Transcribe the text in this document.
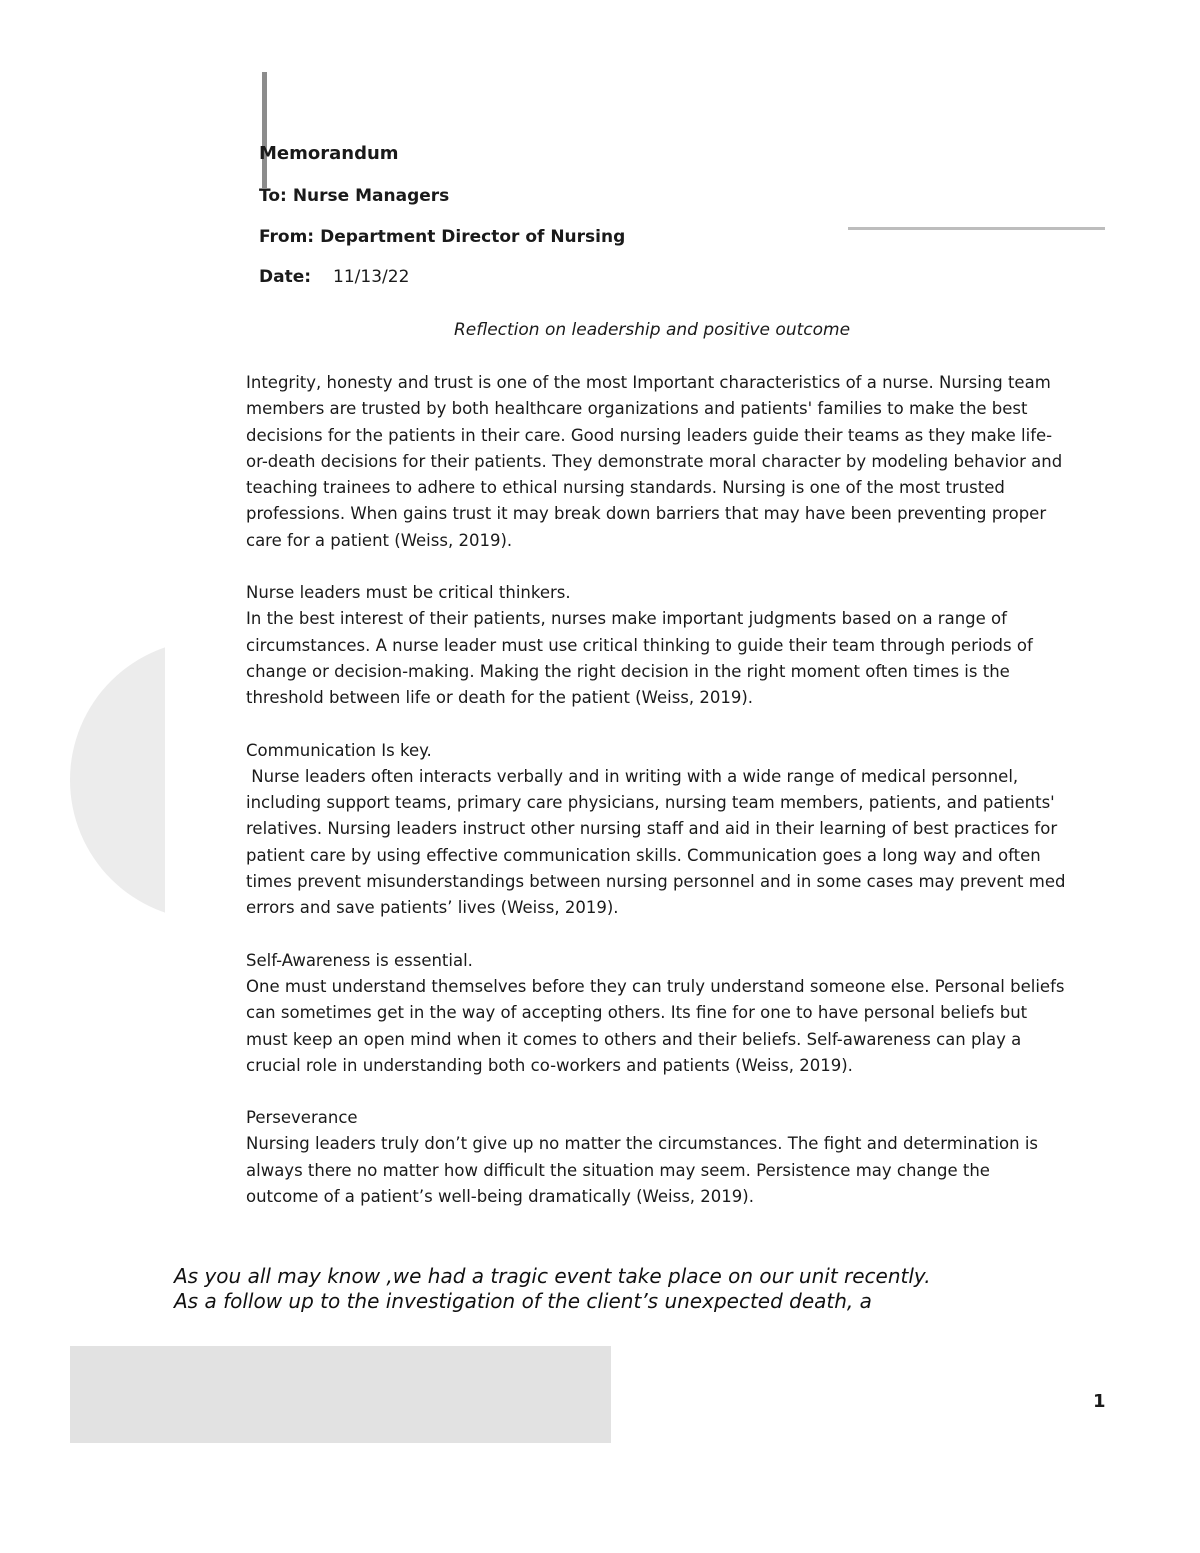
Memorandum
To: Nurse Managers
From: Department Director of Nursing
Date: 11/13/22
Reflection on leadership and positive outcome

Integrity, honesty and trust is one of the most Important characteristics of a nurse. Nursing team members are trusted by both healthcare organizations and patients' families to make the best decisions for the patients in their care. Good nursing leaders guide their teams as they make life-or-death decisions for their patients. They demonstrate moral character by modeling behavior and teaching trainees to adhere to ethical nursing standards. Nursing is one of the most trusted professions. When gains trust it may break down barriers that may have been preventing proper care for a patient (Weiss, 2019).

Nurse leaders must be critical thinkers.
In the best interest of their patients, nurses make important judgments based on a range of circumstances. A nurse leader must use critical thinking to guide their team through periods of change or decision-making. Making the right decision in the right moment often times is the threshold between life or death for the patient (Weiss, 2019).

Communication Is key.
Nurse leaders often interacts verbally and in writing with a wide range of medical personnel, including support teams, primary care physicians, nursing team members, patients, and patients' relatives. Nursing leaders instruct other nursing staff and aid in their learning of best practices for patient care by using effective communication skills. Communication goes a long way and often times prevent misunderstandings between nursing personnel and in some cases may prevent med errors and save patients’ lives (Weiss, 2019).

Self-Awareness is essential.
One must understand themselves before they can truly understand someone else. Personal beliefs can sometimes get in the way of accepting others. Its fine for one to have personal beliefs but must keep an open mind when it comes to others and their beliefs. Self-awareness can play a crucial role in understanding both co-workers and patients (Weiss, 2019).

Perseverance
Nursing leaders truly don’t give up no matter the circumstances. The fight and determination is always there no matter how difficult the situation may seem. Persistence may change the outcome of a patient’s well-being dramatically (Weiss, 2019).

As you all may know ,we had a tragic event take place on our unit recently.
As a follow up to the investigation of the client’s unexpected death, a
1
